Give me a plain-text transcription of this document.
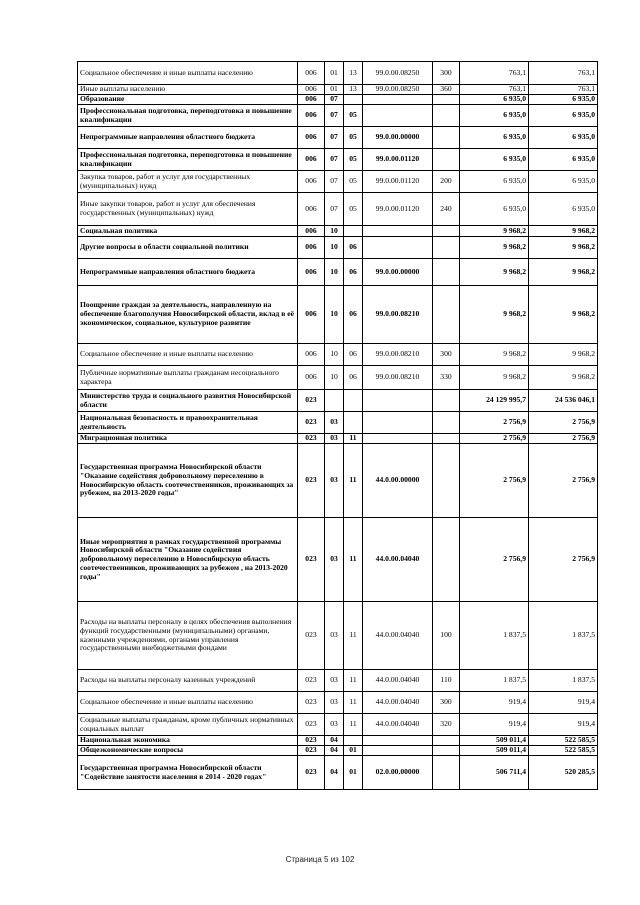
Социальное обеспечение и иные выплаты населению	006	01	13	99.0.00.08250	300	763,1	763,1
Иные выплаты населению	006	01	13	99.0.00.08250	360	763,1	763,1
Образование	006	07				6 935,0	6 935,0
Профессиональная подготовка, переподготовка и повышение квалификации	006	07	05			6 935,0	6 935,0
Непрограммные направления областного бюджета	006	07	05	99.0.00.00000		6 935,0	6 935,0
Профессиональная подготовка, переподготовка и повышение квалификации	006	07	05	99.0.00.01120		6 935,0	6 935,0
Закупка товаров, работ и услуг для государственных (муниципальных) нужд	006	07	05	99.0.00.01120	200	6 935,0	6 935,0
Иные закупки товаров, работ и услуг для обеспечения государственных (муниципальных) нужд	006	07	05	99.0.00.01120	240	6 935,0	6 935,0
Социальная политика	006	10				9 968,2	9 968,2
Другие вопросы в области социальной политики	006	10	06			9 968,2	9 968,2
Непрограммные направления областного бюджета	006	10	06	99.0.00.00000		9 968,2	9 968,2
Поощрение граждан за деятельность, направленную на обеспечение благополучия Новосибирской области, вклад в её экономическое, социальное, культурное развитие	006	10	06	99.0.00.08210		9 968,2	9 968,2
Социальное обеспечение и иные выплаты населению	006	10	06	99.0.00.08210	300	9 968,2	9 968,2
Публичные нормативные выплаты гражданам несоциального характера	006	10	06	99.0.00.08210	330	9 968,2	9 968,2
Министерство труда и социального развития Новосибирской области	023					24 129 995,7	24 536 046,1
Национальная безопасность и правоохранительная деятельность	023	03				2 756,9	2 756,9
Миграционная политика	023	03	11			2 756,9	2 756,9
Государственная программа Новосибирской области "Оказание содействия добровольному переселению в Новосибирскую область соотечественников, проживающих за рубежом, на 2013-2020 годы"	023	03	11	44.0.00.00000		2 756,9	2 756,9
Иные мероприятия в рамках государственной программы Новосибирской области "Оказание содействия добровольному переселению в Новосибирскую область соотечественников, проживающих за рубежом , на 2013-2020 годы"	023	03	11	44.0.00.04040		2 756,9	2 756,9
Расходы на выплаты персоналу в целях обеспечения выполнения функций государственными (муниципальными) органами, казенными учреждениями, органами управления государственными внебюджетными фондами	023	03	11	44.0.00.04040	100	1 837,5	1 837,5
Расходы на выплаты персоналу казенных учреждений	023	03	11	44.0.00.04040	110	1 837,5	1 837,5
Социальное обеспечение и иные выплаты населению	023	03	11	44.0.00.04040	300	919,4	919,4
Социальные выплаты гражданам, кроме публичных нормативных социальных выплат	023	03	11	44.0.00.04040	320	919,4	919,4
Национальная экономика	023	04				509 011,4	522 585,5
Общеэкономические вопросы	023	04	01			509 011,4	522 585,5
Государственная программа Новосибирской области "Содействие занятости населения в 2014 - 2020 годах"	023	04	01	02.0.00.00000		506 711,4	520 285,5
Страница 5 из 102
